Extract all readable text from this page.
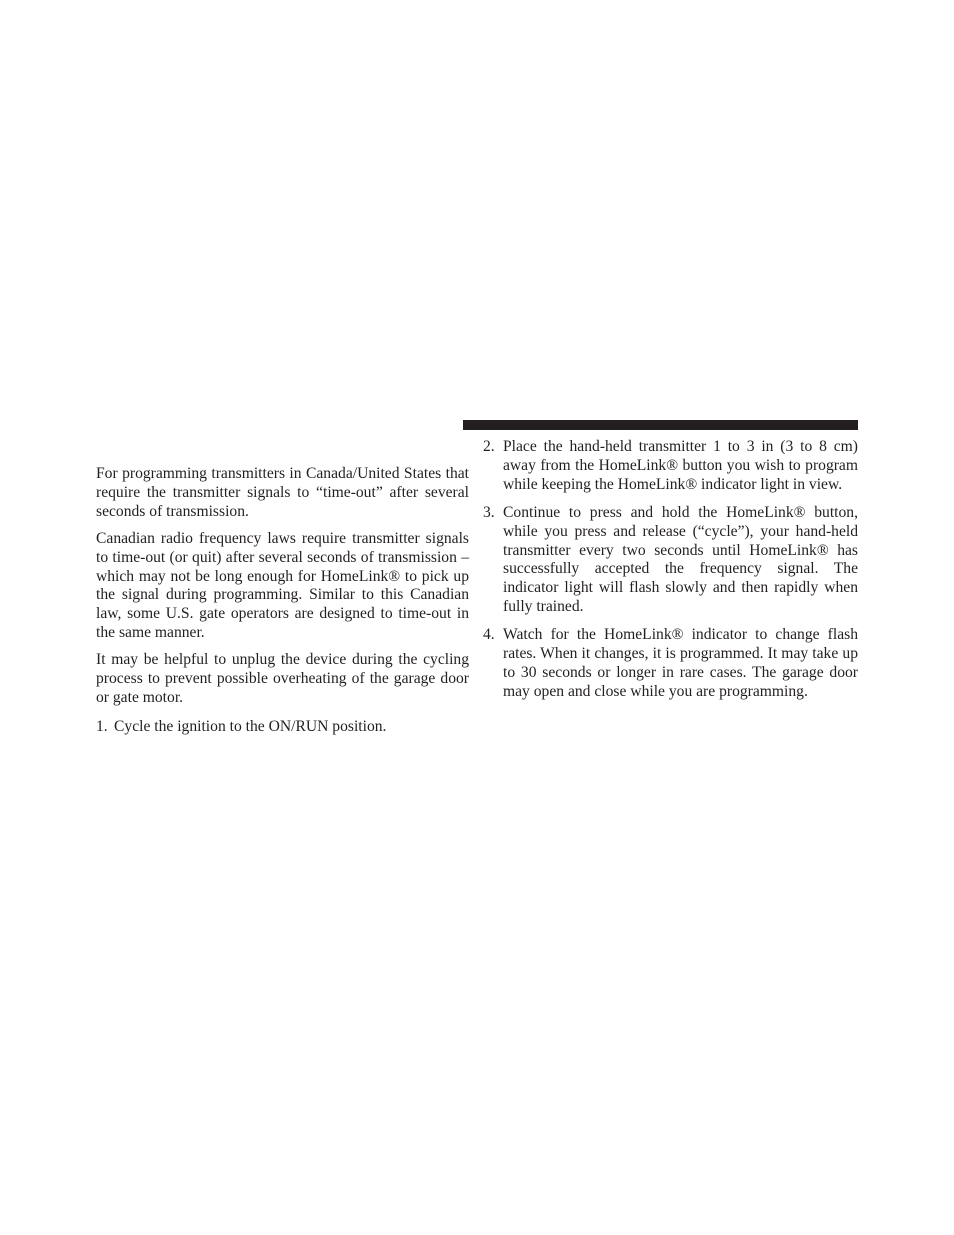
For programming transmitters in Canada/United States that require the transmitter signals to “time-out” after several seconds of transmission.

Canadian radio frequency laws require transmitter signals to time-out (or quit) after several seconds of transmission – which may not be long enough for HomeLink® to pick up the signal during programming. Similar to this Canadian law, some U.S. gate operators are designed to time-out in the same manner.

It may be helpful to unplug the device during the cycling process to prevent possible overheating of the garage door or gate motor.

1. Cycle the ignition to the ON/RUN position.
2. Place the hand-held transmitter 1 to 3 in (3 to 8 cm) away from the HomeLink® button you wish to program while keeping the HomeLink® indicator light in view.
3. Continue to press and hold the HomeLink® button, while you press and release (“cycle”), your hand-held transmitter every two seconds until HomeLink® has successfully accepted the frequency signal. The indicator light will flash slowly and then rapidly when fully trained.
4. Watch for the HomeLink® indicator to change flash rates. When it changes, it is programmed. It may take up to 30 seconds or longer in rare cases. The garage door may open and close while you are programming.
